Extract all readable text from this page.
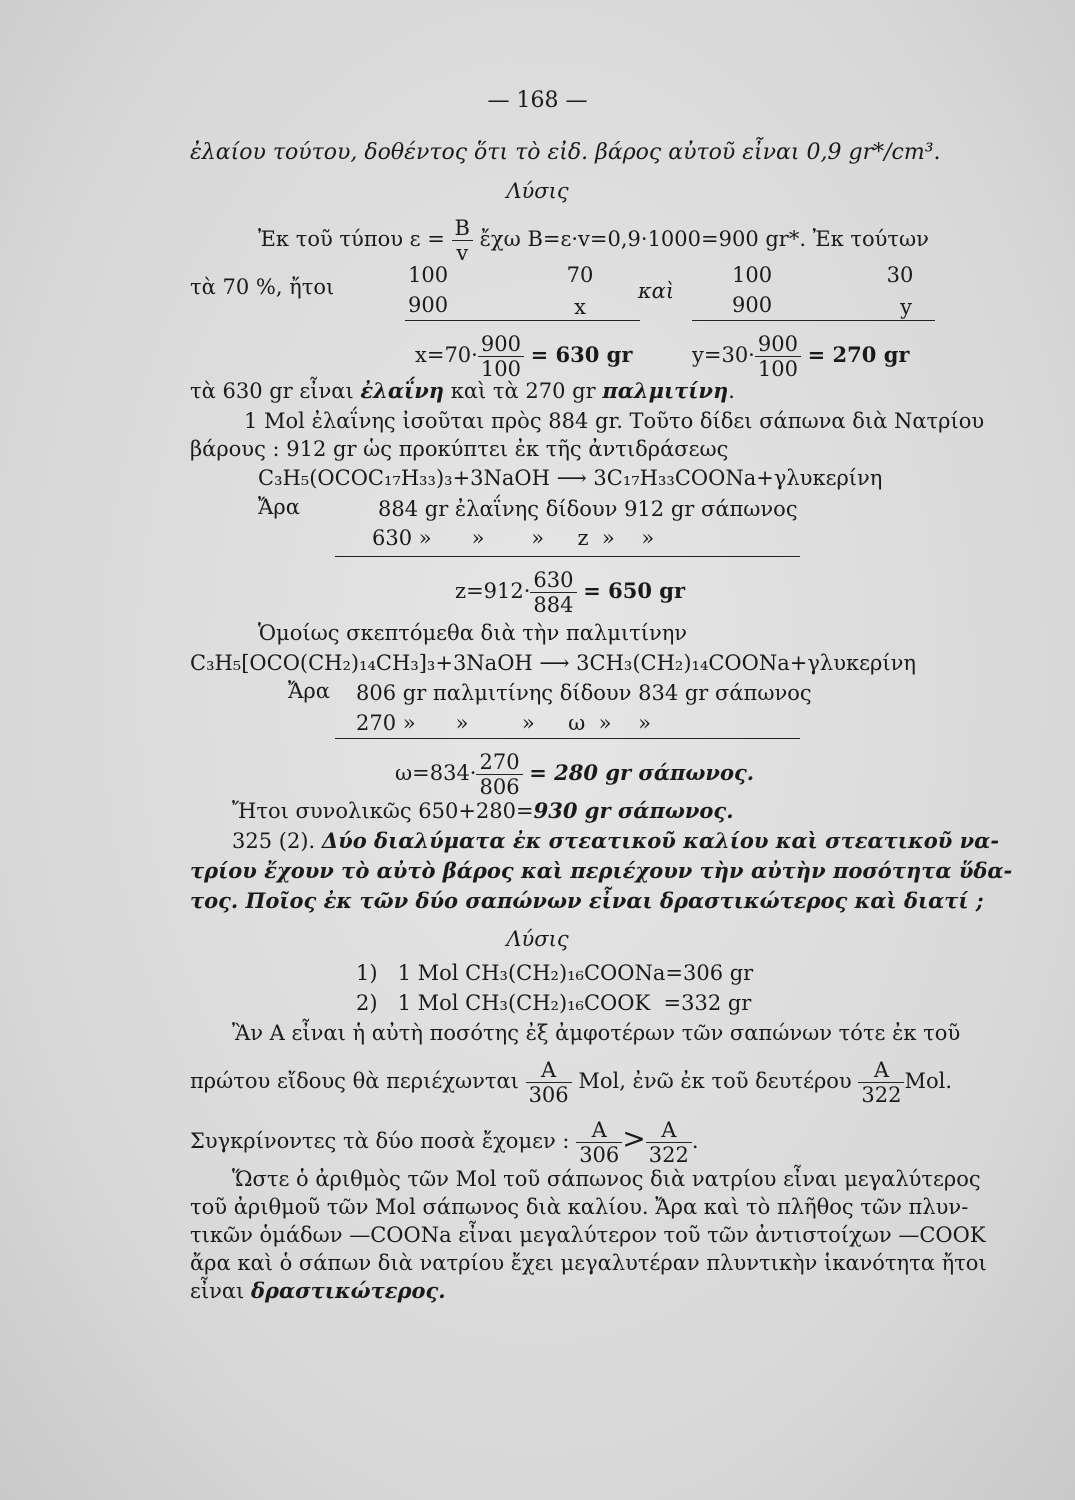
— 168 —
ἐλαίου τούτου, δοθέντος ὅτι τὸ εἰδ. βάρος αὐτοῦ εἶναι 0,9 gr*/cm³.
Λύσις
Ἐκ τοῦ τύπου $\varepsilon = \frac{B}{v}$ ἔχω B=ε·v=0,9·1000=900 gr*. Ἐκ τούτων
τὰ 70 %, ἤτοι	100	70
900	x
καὶ
100	30
900	y
$x=70\cdot \frac{900}{100} = 630$ gr	$y=30\cdot \frac{900}{100} = 270$ gr
τὰ 630 gr εἶναι ἐλαΐνη καὶ τὰ 270 gr παλμιτίνη.
1 Mol ἐλαΐνης ἰσοῦται πρὸς 884 gr. Τοῦτο δίδει σάπωνα διὰ Νατρίου
βάρους : 912 gr ὡς προκύπτει ἐκ τῆς ἀντιδράσεως
C₃H₅(OCOC₁₇H₃₃)₃+3NaOH ⟶ 3C₁₇H₃₃COONa+γλυκερίνη
Ἄρα	884 gr ἐλαΐνης δίδουν 912 gr σάπωνος
630 »      »       »     z  »    »
$z=912\cdot \frac{630}{884} = 650$ gr
Ὁμοίως σκεπτόμεθα διὰ τὴν παλμιτίνην
C₃H₅[OCO(CH₂)₁₄CH₃]₃+3NaOH ⟶ 3CH₃(CH₂)₁₄COONa+γλυκερίνη
Ἄρα 806 gr παλμιτίνης δίδουν 834 gr σάπωνος
270 »      »        »     ω  »    »
$\omega=834\cdot \frac{270}{806} = 280$ gr σάπωνος.
Ἤτοι συνολικῶς 650+280=930 gr σάπωνος.
325 (2). Δύο διαλύματα ἐκ στεατικοῦ καλίου καὶ στεατικοῦ να-
τρίου ἔχουν τὸ αὐτὸ βάρος καὶ περιέχουν τὴν αὐτὴν ποσότητα ὕδα-
τος. Ποῖος ἐκ τῶν δύο σαπώνων εἶναι δραστικώτερος καὶ διατί ;
Λύσις
1)   1 Mol CH₃(CH₂)₁₆COONa=306 gr
2)   1 Mol CH₃(CH₂)₁₆COOK  =332 gr
Ἂν A εἶναι ἡ αὐτὴ ποσότης ἐξ ἀμφοτέρων τῶν σαπώνων τότε ἐκ τοῦ
πρώτου εἴδους θὰ περιέχωνται $\frac{A}{306}$ Mol, ἐνῶ ἐκ τοῦ δευτέρου $\frac{A}{322}$ Mol.
Συγκρίνοντες τὰ δύο ποσὰ ἔχομεν : $\frac{A}{306} > \frac{A}{322}$ .
Ὥστε ὁ ἀριθμὸς τῶν Mol τοῦ σάπωνος διὰ νατρίου εἶναι μεγαλύτερος
τοῦ ἀριθμοῦ τῶν Mol σάπωνος διὰ καλίου. Ἄρα καὶ τὸ πλῆθος τῶν πλυν-
τικῶν ὁμάδων —COONa εἶναι μεγαλύτερον τοῦ τῶν ἀντιστοίχων —COOK
ἄρα καὶ ὁ σάπων διὰ νατρίου ἔχει μεγαλυτέραν πλυντικὴν ἱκανότητα ἤτοι
εἶναι δραστικώτερος.
